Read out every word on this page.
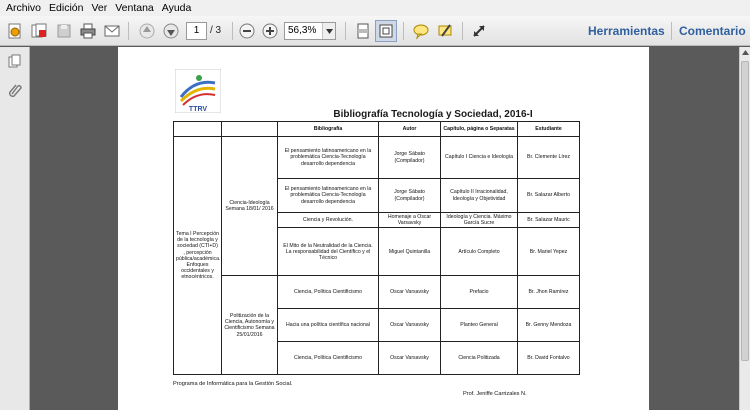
Archivo Edición Ver Ventana Ayuda
1	/ 3	56,3%	Herramientas Comentario
TTRV	Bibliografía Tecnología y Sociedad, 2016-I
		Bibliografía	Autor	Capítulo, página o Separatas	Estudiante
Tema I Percepción de la tecnología y sociedad (CTI+D) , percepción pública/académica. Enfoques occidentales y etnocéntricos.	Ciencia-Ideología Semana 18/01/ 2016	El pensamiento latinoamericano en la problemática Ciencia-Tecnología desarrollo dependencia	Jorge Sábato (Compilador)	Capítulo I Ciencia e Ideología	Br. Clemente Lírez
		El pensamiento latinoamericano en la problemática Ciencia-Tecnología desarrollo dependencia	Jorge Sábato (Compilador)	Capítulo II Irracionalidad, Ideología y Objetividad	Br. Salazar Alberto
		Ciencia y Revolución.	Homenaje a Oscar Varsavsky	Ideología y Ciencia. Máximo García Sucre	Br. Salazar Mauric
		El Mito de la Neutralidad de la Ciencia. La responsabilidad del Científico y el Técnico	Miguel Quintanilla	Artículo Completo	Br. Mariel Yepez
	Politización de la Ciencia, Autonomía y Cientificismo Semana 25/01/2016	Ciencia, Política Cientificismo	Oscar Varsavsky	Prefacio	Br. Jhon Ramírez
		Hacia una política científica nacional	Oscar Varsavsky	Planteo General	Br. Genny Mendoza
		Ciencia, Política Cientificismo	Oscar Varsavsky	Ciencia Politizada	Br. David Fontalvo
Programa de Informática para la Gestión Social.
Prof. Jeniffe Carrizales N.
